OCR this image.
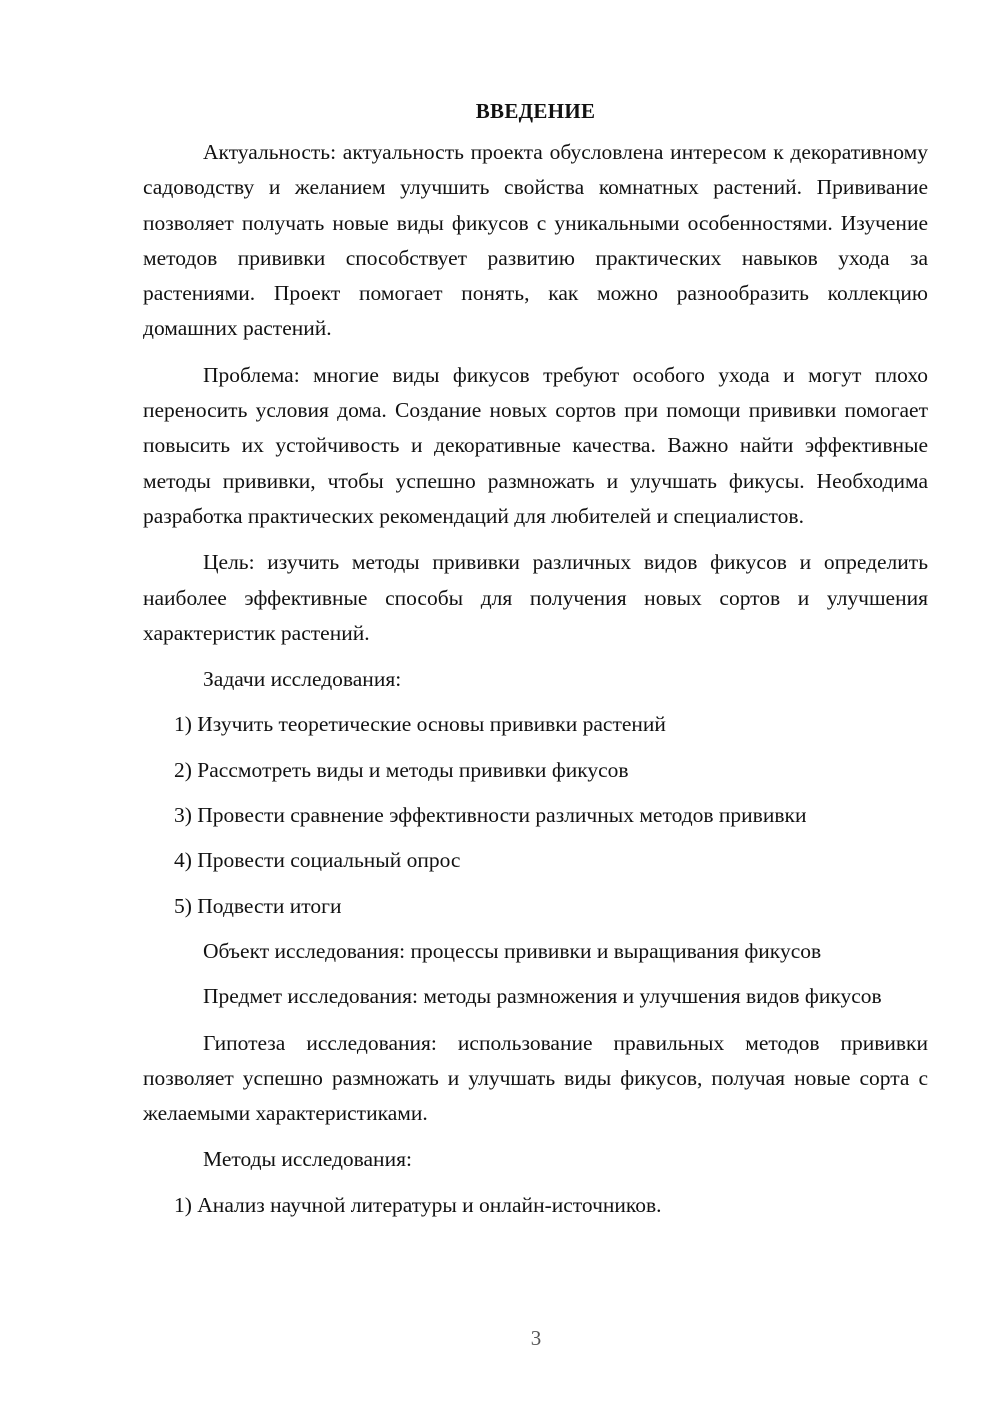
ВВЕДЕНИЕ

Актуальность: актуальность проекта обусловлена интересом к декоративному садоводству и желанием улучшить свойства комнатных растений. Прививание позволяет получать новые виды фикусов с уникальными особенностями. Изучение методов прививки способствует развитию практических навыков ухода за растениями. Проект помогает понять, как можно разнообразить коллекцию домашних растений.

Проблема: многие виды фикусов требуют особого ухода и могут плохо переносить условия дома. Создание новых сортов при помощи прививки помогает повысить их устойчивость и декоративные качества. Важно найти эффективные методы прививки, чтобы успешно размножать и улучшать фикусы. Необходима разработка практических рекомендаций для любителей и специалистов.

Цель: изучить методы прививки различных видов фикусов и определить наиболее эффективные способы для получения новых сортов и улучшения характеристик растений.

Задачи исследования:

1) Изучить теоретические основы прививки растений
2) Рассмотреть виды и методы прививки фикусов
3) Провести сравнение эффективности различных методов прививки
4) Провести социальный опрос
5) Подвести итоги

Объект исследования: процессы прививки и выращивания фикусов

Предмет исследования: методы размножения и улучшения видов фикусов

Гипотеза исследования: использование правильных методов прививки позволяет успешно размножать и улучшать виды фикусов, получая новые сорта с желаемыми характеристиками.

Методы исследования:

1) Анализ научной литературы и онлайн-источников.
3
